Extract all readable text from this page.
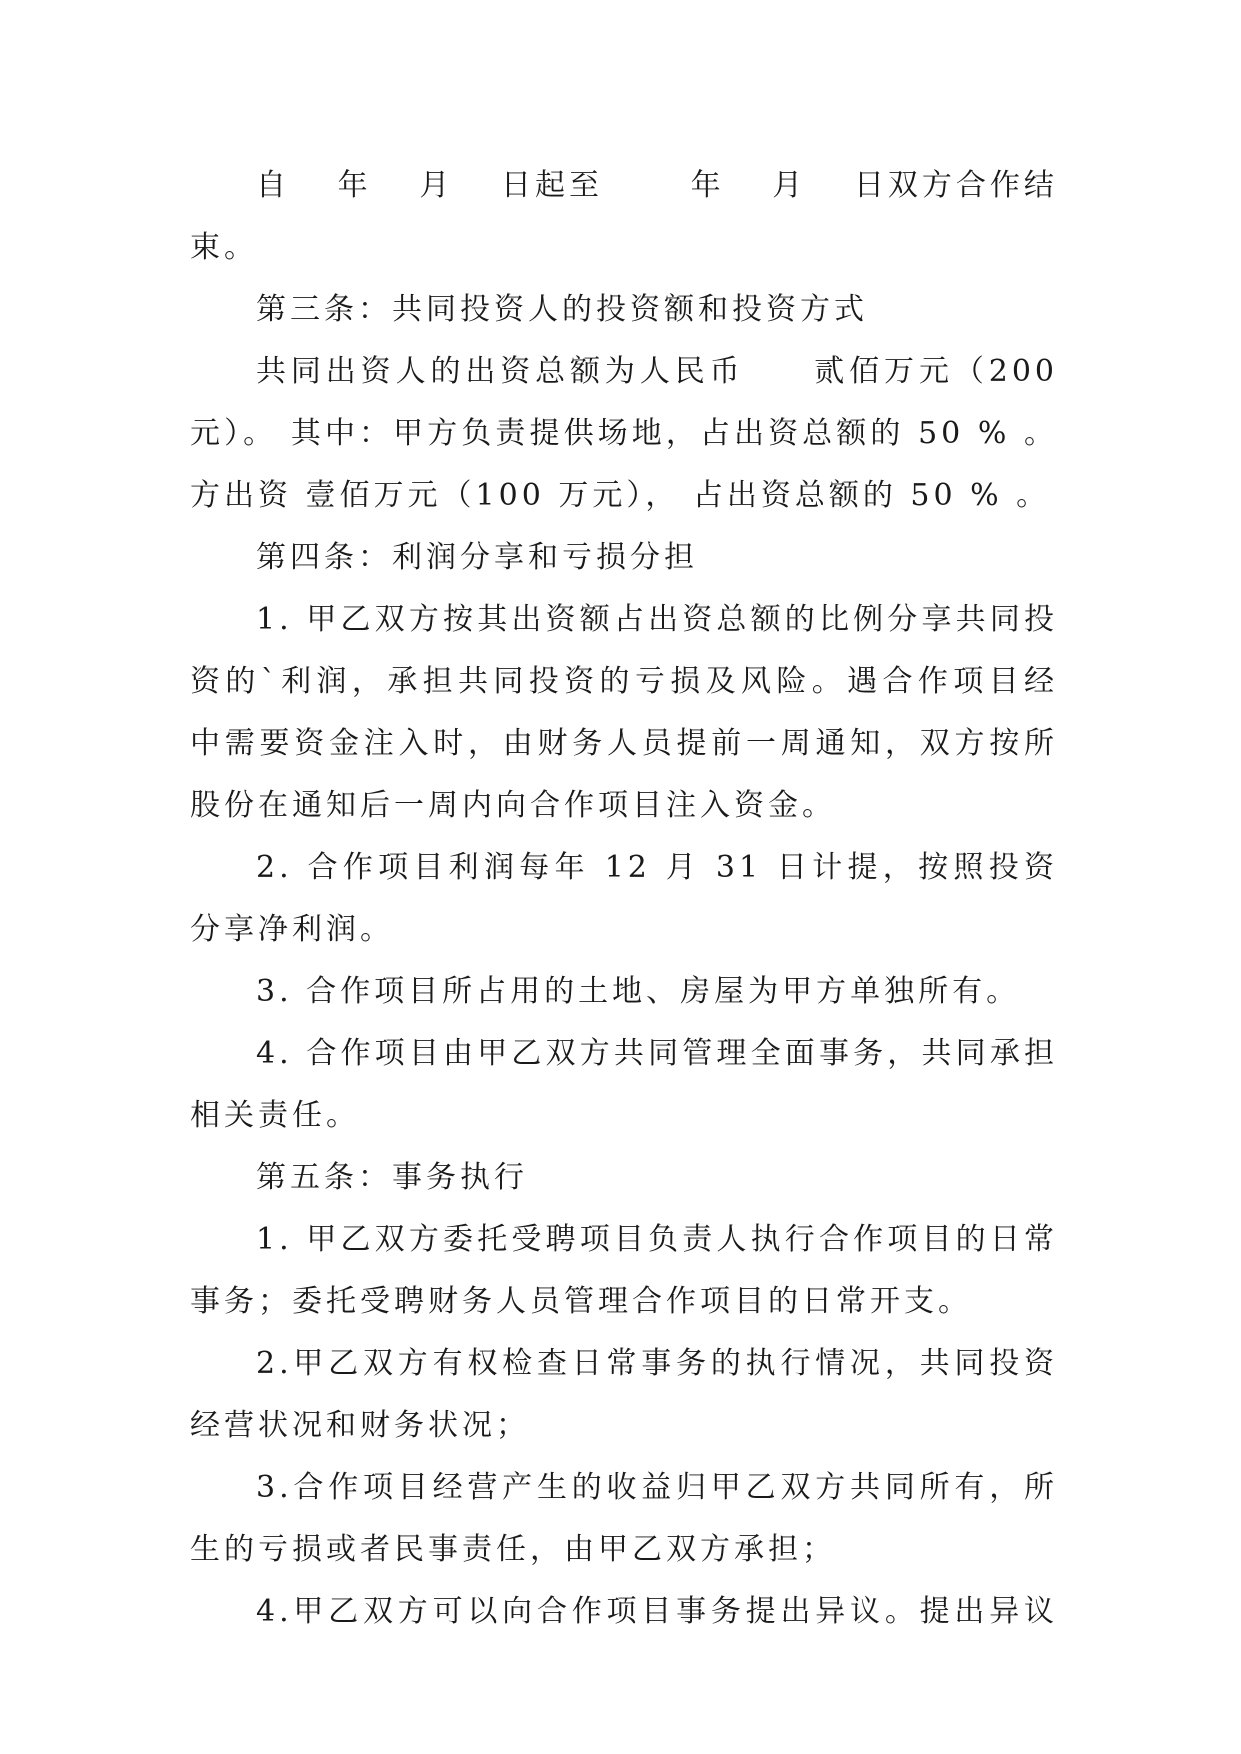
自 年 月 日起至	年 月 日双方合作结
束。
第三条：共同投资人的投资额和投资方式
共同出资人的出资总额为人民币　　贰佰万元（200
元）。 其中：甲方负责提供场地，占出资总额的 50 % 。
方出资 壹佰万元（100 万元）， 占出资总额的 50 % 。
第四条：利润分享和亏损分担
1. 甲乙双方按其出资额占出资总额的比例分享共同投
资的`利润，承担共同投资的亏损及风险。遇合作项目经
中需要资金注入时，由财务人员提前一周通知，双方按所
股份在通知后一周内向合作项目注入资金。
2. 合作项目利润每年 12 月 31 日计提，按照投资
分享净利润。
3. 合作项目所占用的土地、房屋为甲方单独所有。
4. 合作项目由甲乙双方共同管理全面事务，共同承担
相关责任。
第五条：事务执行
1. 甲乙双方委托受聘项目负责人执行合作项目的日常
事务；委托受聘财务人员管理合作项目的日常开支。
2.甲乙双方有权检查日常事务的执行情况，共同投资
经营状况和财务状况；
3.合作项目经营产生的收益归甲乙双方共同所有，所
生的亏损或者民事责任，由甲乙双方承担；
4.甲乙双方可以向合作项目事务提出异议。提出异议
